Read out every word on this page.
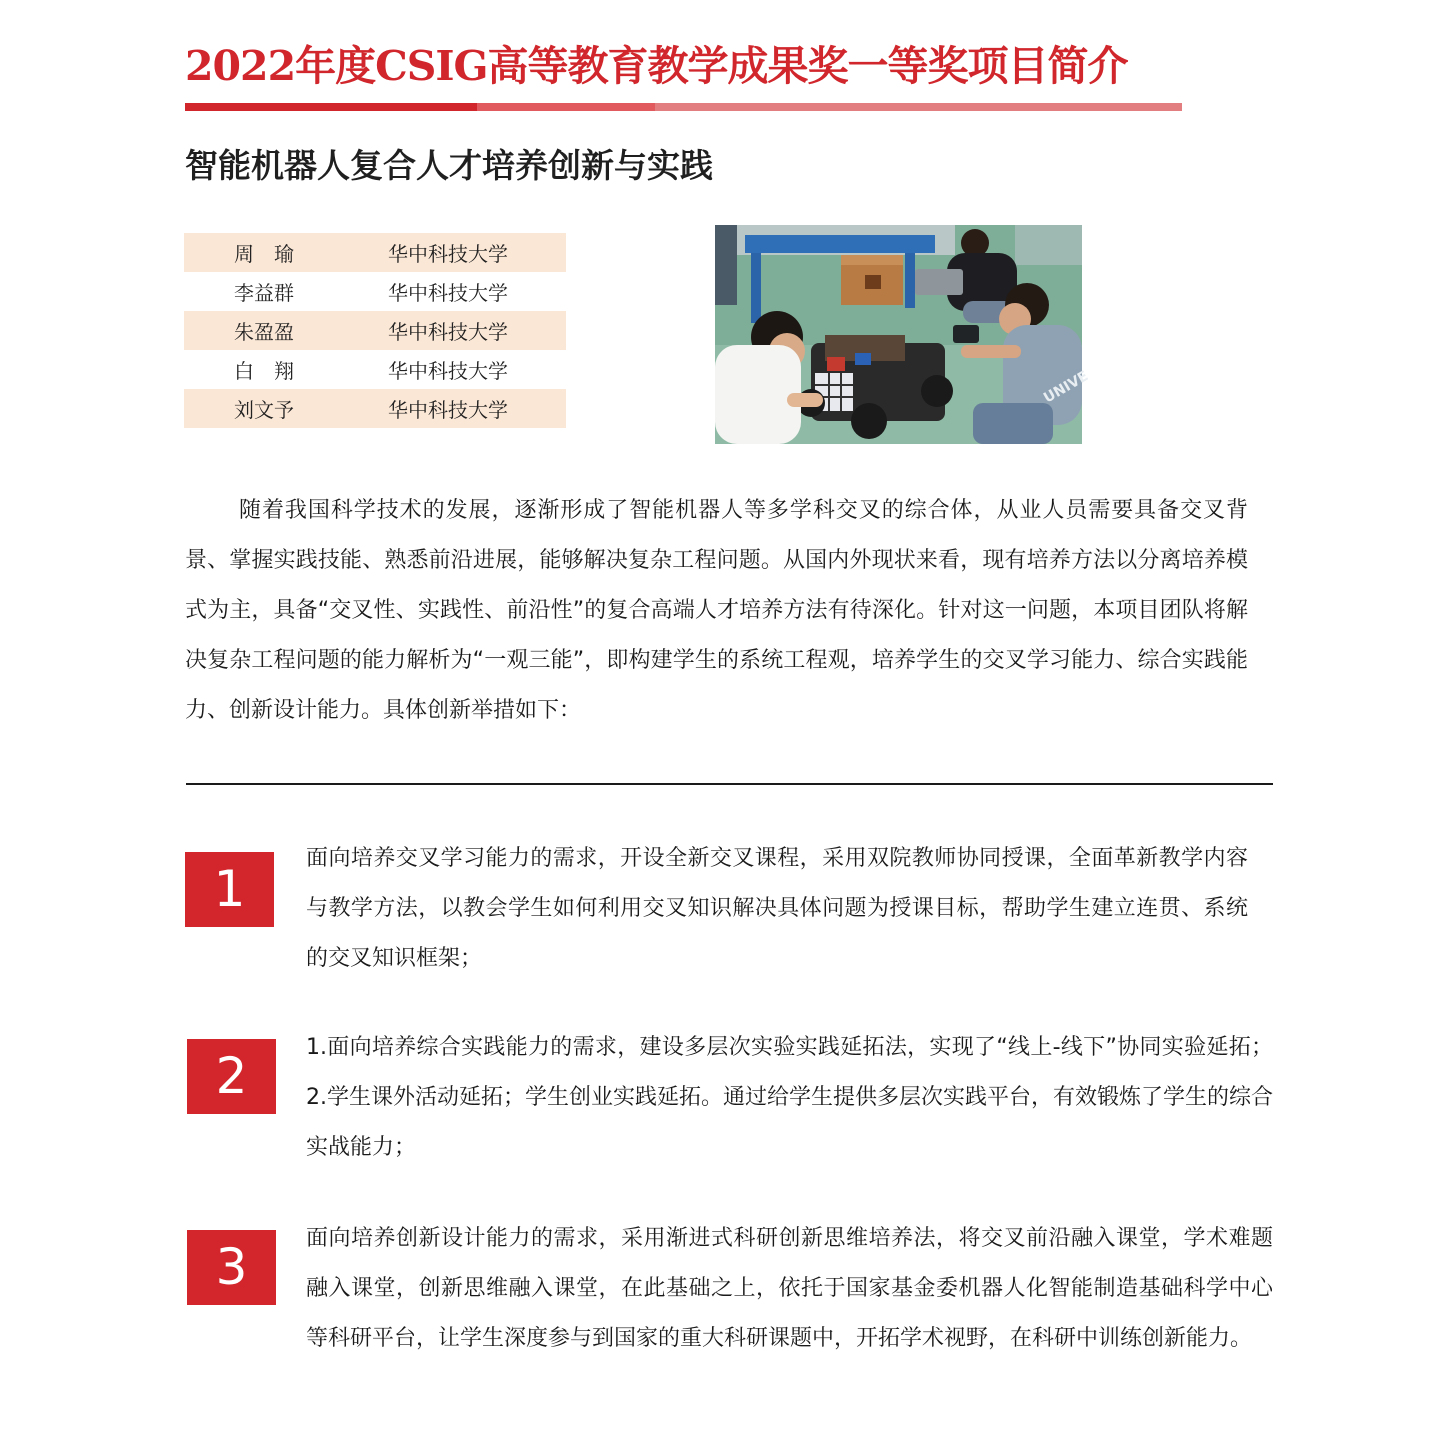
2022年度CSIG高等教育教学成果奖一等奖项目简介
智能机器人复合人才培养创新与实践
周　瑜	华中科技大学
李益群	华中科技大学
朱盈盈	华中科技大学
白　翔	华中科技大学
刘文予	华中科技大学
UNIVE

随着我国科学技术的发展，逐渐形成了智能机器人等多学科交叉的综合体，从业人员需要具备交叉背景、掌握实践技能、熟悉前沿进展，能够解决复杂工程问题。从国内外现状来看，现有培养方法以分离培养模式为主，具备“交叉性、实践性、前沿性”的复合高端人才培养方法有待深化。针对这一问题，本项目团队将解决复杂工程问题的能力解析为“一观三能”，即构建学生的系统工程观，培养学生的交叉学习能力、综合实践能力、创新设计能力。具体创新举措如下：

1

面向培养交叉学习能力的需求，开设全新交叉课程，采用双院教师协同授课，全面革新教学内容与教学方法，以教会学生如何利用交叉知识解决具体问题为授课目标，帮助学生建立连贯、系统的交叉知识框架；

2	1.面向培养综合实践能力的需求，建设多层次实验实践延拓法，实现了“线上-线下”协同实验延拓；2.学生课外活动延拓；学生创业实践延拓。通过给学生提供多层次实践平台，有效锻炼了学生的综合实战能力；

3	面向培养创新设计能力的需求，采用渐进式科研创新思维培养法，将交叉前沿融入课堂，学术难题融入课堂，创新思维融入课堂，在此基础之上，依托于国家基金委机器人化智能制造基础科学中心等科研平台，让学生深度参与到国家的重大科研课题中，开拓学术视野，在科研中训练创新能力。
